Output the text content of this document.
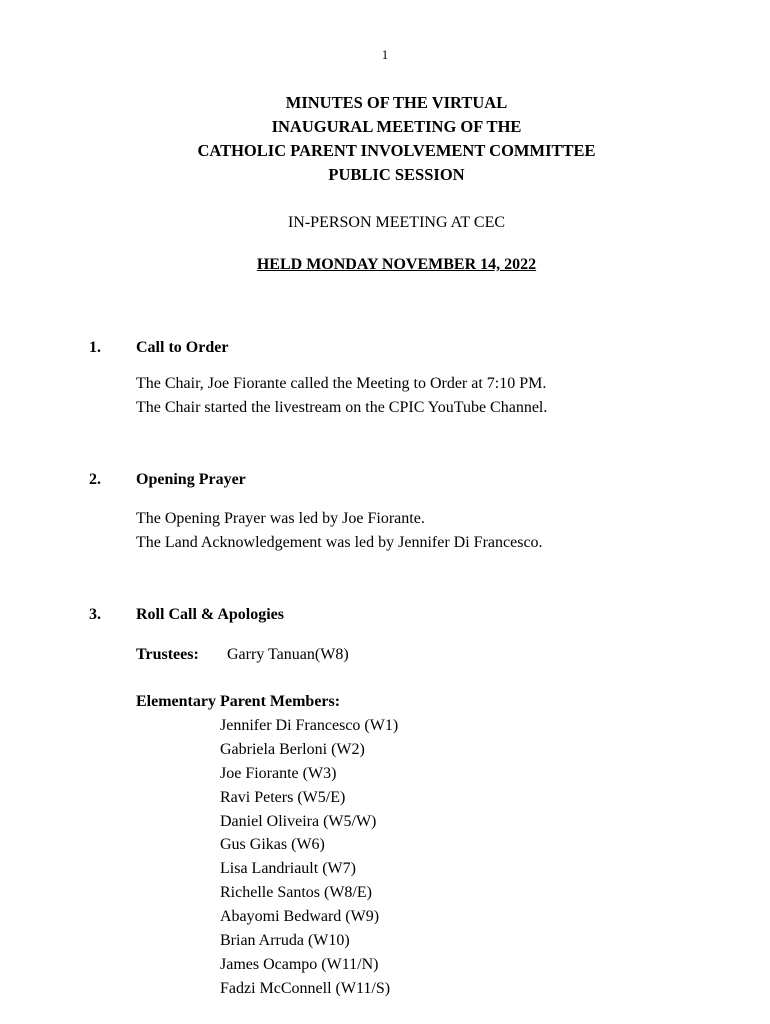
1
MINUTES OF THE VIRTUAL
INAUGURAL MEETING OF THE
CATHOLIC PARENT INVOLVEMENT COMMITTEE
PUBLIC SESSION
IN-PERSON MEETING AT CEC
HELD MONDAY NOVEMBER 14, 2022
1. Call to Order
The Chair, Joe Fiorante called the Meeting to Order at 7:10 PM.
The Chair started the livestream on the CPIC YouTube Channel.
2. Opening Prayer
The Opening Prayer was led by Joe Fiorante.
The Land Acknowledgement was led by Jennifer Di Francesco.
3. Roll Call & Apologies
Trustees: Garry Tanuan(W8)
Elementary Parent Members:
Jennifer Di Francesco (W1)
Gabriela Berloni (W2)
Joe Fiorante (W3)
Ravi Peters (W5/E)
Daniel Oliveira (W5/W)
Gus Gikas (W6)
Lisa Landriault (W7)
Richelle Santos (W8/E)
Abayomi Bedward (W9)
Brian Arruda (W10)
James Ocampo (W11/N)
Fadzi McConnell (W11/S)
